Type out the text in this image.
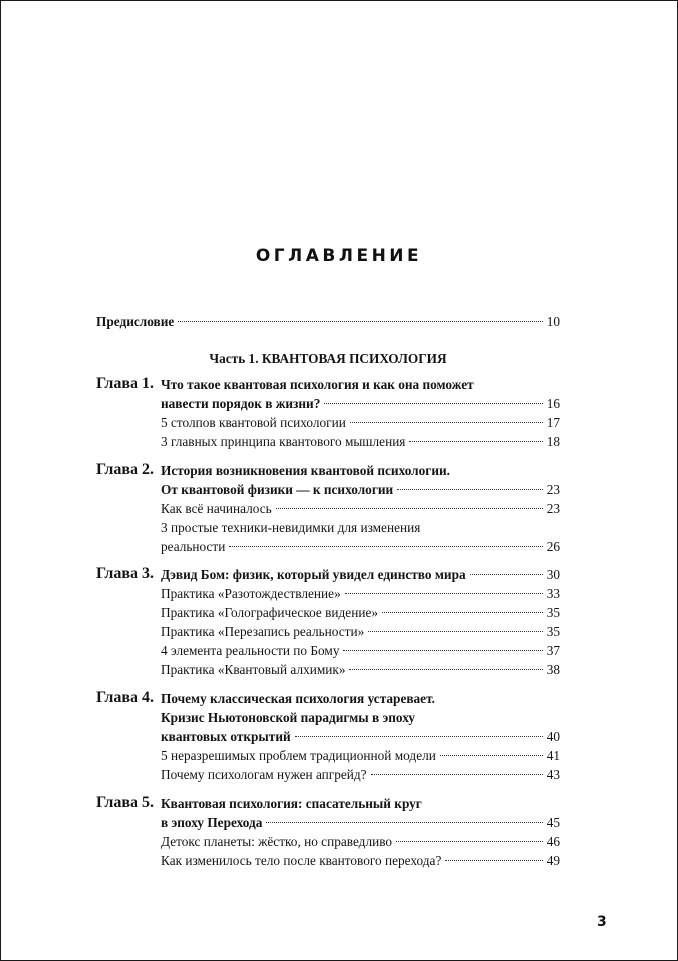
ОГЛАВЛЕНИЕ
Предисловие	10
Часть 1. КВАНТОВАЯ ПСИХОЛОГИЯ
Глава 1. Что такое квантовая психология и как она поможет
навести порядок в жизни?	16
5 столпов квантовой психологии	17
3 главных принципа квантового мышления	18
Глава 2. История возникновения квантовой психологии.
От квантовой физики — к психологии	23
Как всё начиналось	23
3 простые техники-невидимки для изменения
реальности	26
Глава 3. Дэвид Бом: физик, который увидел единство мира	30
Практика «Разотождествление»	33
Практика «Голографическое видение»	35
Практика «Перезапись реальности»	35
4 элемента реальности по Бому	37
Практика «Квантовый алхимик»	38
Глава 4. Почему классическая психология устаревает.
Кризис Ньютоновской парадигмы в эпоху
квантовых открытий	40
5 неразрешимых проблем традиционной модели	41
Почему психологам нужен апгрейд?	43
Глава 5. Квантовая психология: спасательный круг
в эпоху Перехода	45
Детокс планеты: жёстко, но справедливо	46
Как изменилось тело после квантового перехода?	49
3
